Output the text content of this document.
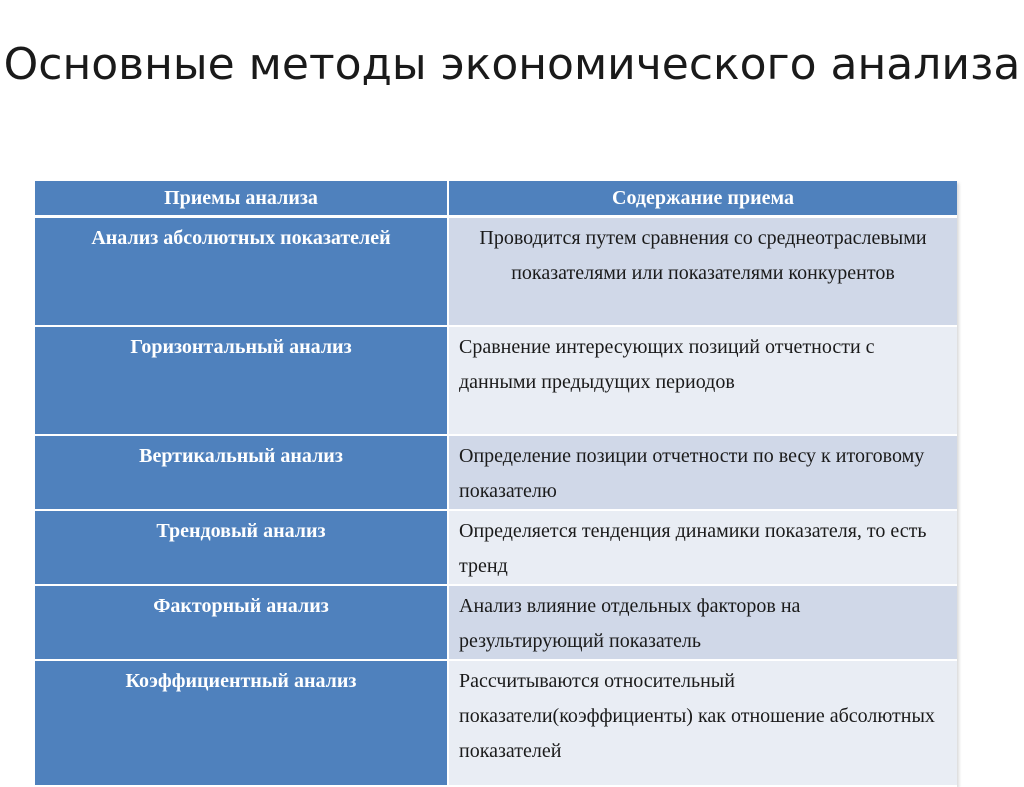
Основные методы экономического анализа
Приемы анализа	Содержание приема
Анализ абсолютных показателей	Проводится путем сравнения со среднеотраслевыми показателями или показателями конкурентов
Горизонтальный анализ	Сравнение интересующих позиций отчетности с данными предыдущих периодов
Вертикальный анализ	Определение позиции отчетности по весу к итоговому показателю
Трендовый анализ	Определяется тенденция динамики показателя, то есть тренд
Факторный анализ	Анализ влияние отдельных факторов на результирующий показатель
Коэффициентный анализ	Рассчитываются относительный показатели(коэффициенты) как отношение абсолютных показателей
